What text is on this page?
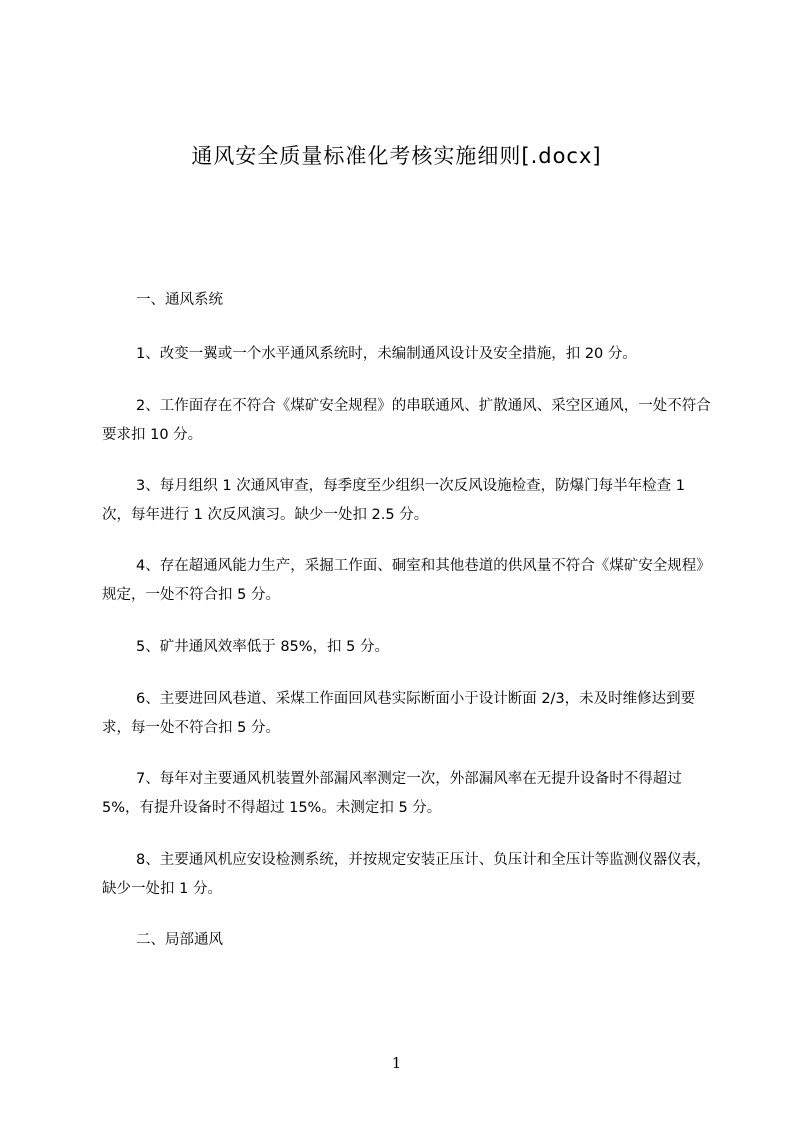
通风安全质量标准化考核实施细则[.docx]
一、通风系统
1、改变一翼或一个水平通风系统时，未编制通风设计及安全措施，扣 20 分。
2、工作面存在不符合《煤矿安全规程》的串联通风、扩散通风、采空区通风，一处不符合要求扣 10 分。
3、每月组织 1 次通风审查，每季度至少组织一次反风设施检查，防爆门每半年检查 1 次，每年进行 1 次反风演习。缺少一处扣 2.5 分。
4、存在超通风能力生产，采掘工作面、硐室和其他巷道的供风量不符合《煤矿安全规程》规定，一处不符合扣 5 分。
5、矿井通风效率低于 85%，扣 5 分。
6、主要进回风巷道、采煤工作面回风巷实际断面小于设计断面 2/3，未及时维修达到要求，每一处不符合扣 5 分。
7、每年对主要通风机装置外部漏风率测定一次，外部漏风率在无提升设备时不得超过 5%，有提升设备时不得超过 15%。未测定扣 5 分。
8、主要通风机应安设检测系统，并按规定安装正压计、负压计和全压计等监测仪器仪表，缺少一处扣 1 分。
二、局部通风
1
